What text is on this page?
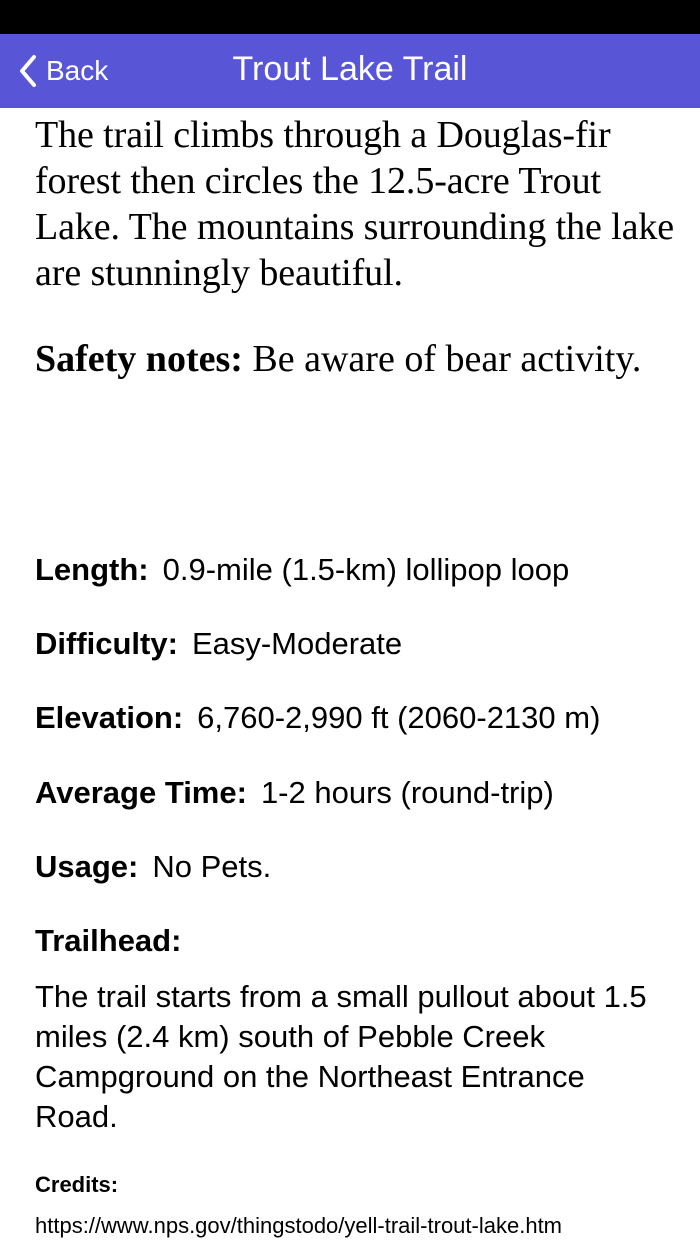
Back	Trout Lake Trail

The trail climbs through a Douglas-fir forest then circles the 12.5-acre Trout Lake. The mountains surrounding the lake are stunningly beautiful.

Safety notes: Be aware of bear activity.

Length: 0.9-mile (1.5-km) lollipop loop
Difficulty: Easy-Moderate
Elevation: 6,760-2,990 ft (2060-2130 m)
Average Time: 1-2 hours (round-trip)
Usage: No Pets.
Trailhead:

The trail starts from a small pullout about 1.5 miles (2.4 km) south of Pebble Creek Campground on the Northeast Entrance Road.

Credits:
https://www.nps.gov/thingstodo/yell-trail-trout-lake.htm
